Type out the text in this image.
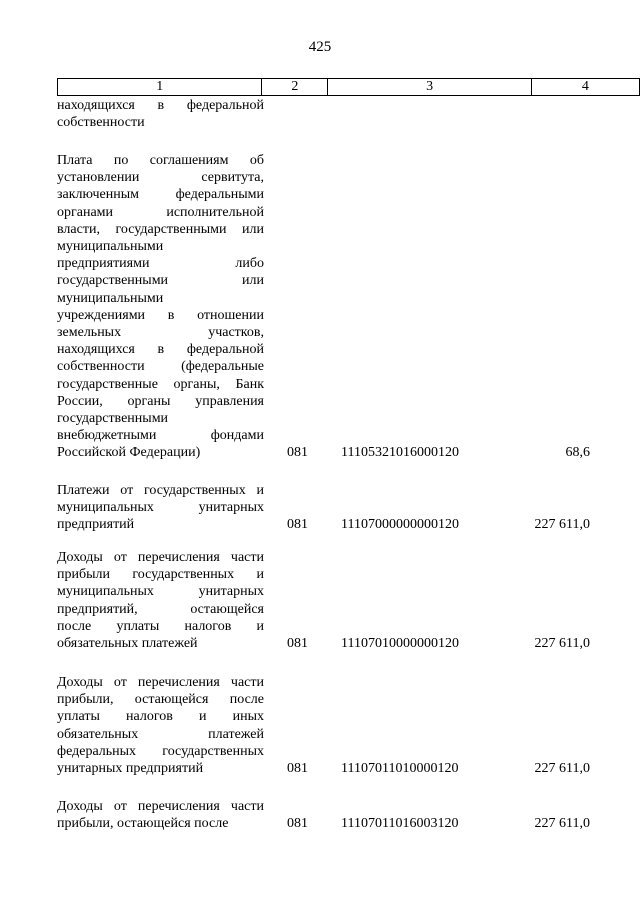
425
1	2	3	4
находящихся в федеральной
собственности
Плата по соглашениям об
установлении сервитута,
заключенным федеральными
органами исполнительной
власти, государственными или
муниципальными
предприятиями либо
государственными или
муниципальными
учреждениями в отношении
земельных участков,
находящихся в федеральной
собственности (федеральные
государственные органы, Банк
России, органы управления
государственными
внебюджетными фондами
Российской Федерации)	081	11105321016000120	68,6
Платежи от государственных и
муниципальных унитарных
предприятий	081	11107000000000120	227 611,0
Доходы от перечисления части
прибыли государственных и
муниципальных унитарных
предприятий, остающейся
после уплаты налогов и
обязательных платежей	081	11107010000000120	227 611,0
Доходы от перечисления части
прибыли, остающейся после
уплаты налогов и иных
обязательных платежей
федеральных государственных
унитарных предприятий	081	11107011010000120	227 611,0
Доходы от перечисления части
прибыли, остающейся после	081	11107011016003120	227 611,0
